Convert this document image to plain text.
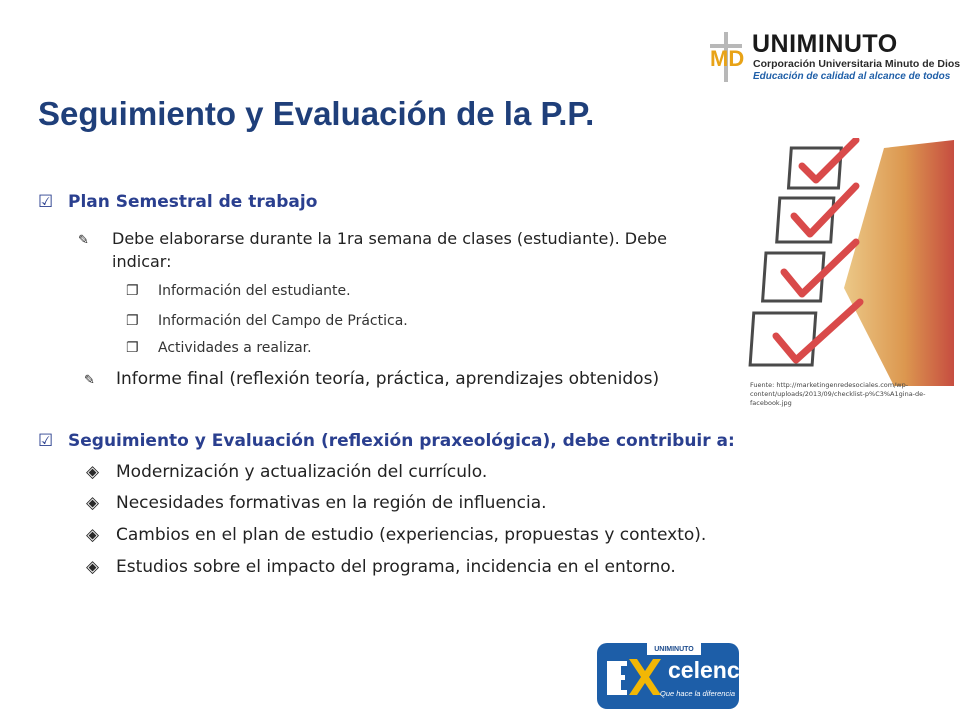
MD
UNIMINUTO
Corporación Universitaria Minuto de Dios
Educación de calidad al alcance de todos
Seguimiento y Evaluación de la P.P.
☑ Plan Semestral de trabajo
✎ Debe elaborarse durante la 1ra semana de clases (estudiante). Debe
indicar:
❐ Información del estudiante.
❐ Información del Campo de Práctica.
❐ Actividades a realizar.
✎ Informe final (reflexión teoría, práctica, aprendizajes obtenidos)	Fuente: http://marketingenredesociales.com/wp-content/uploads/2013/09/checklist-p%C3%A1gina-de-facebook.jpg
☑ Seguimiento y Evaluación (reflexión praxeológica), debe contribuir a:
◈ Modernización y actualización del currículo.
◈ Necesidades formativas en la región de influencia.
◈ Cambios en el plan de estudio (experiencias, propuestas y contexto).
◈ Estudios sobre el impacto del programa, incidencia en el entorno.
UNIMINUTO
celencia
Que hace la diferencia
